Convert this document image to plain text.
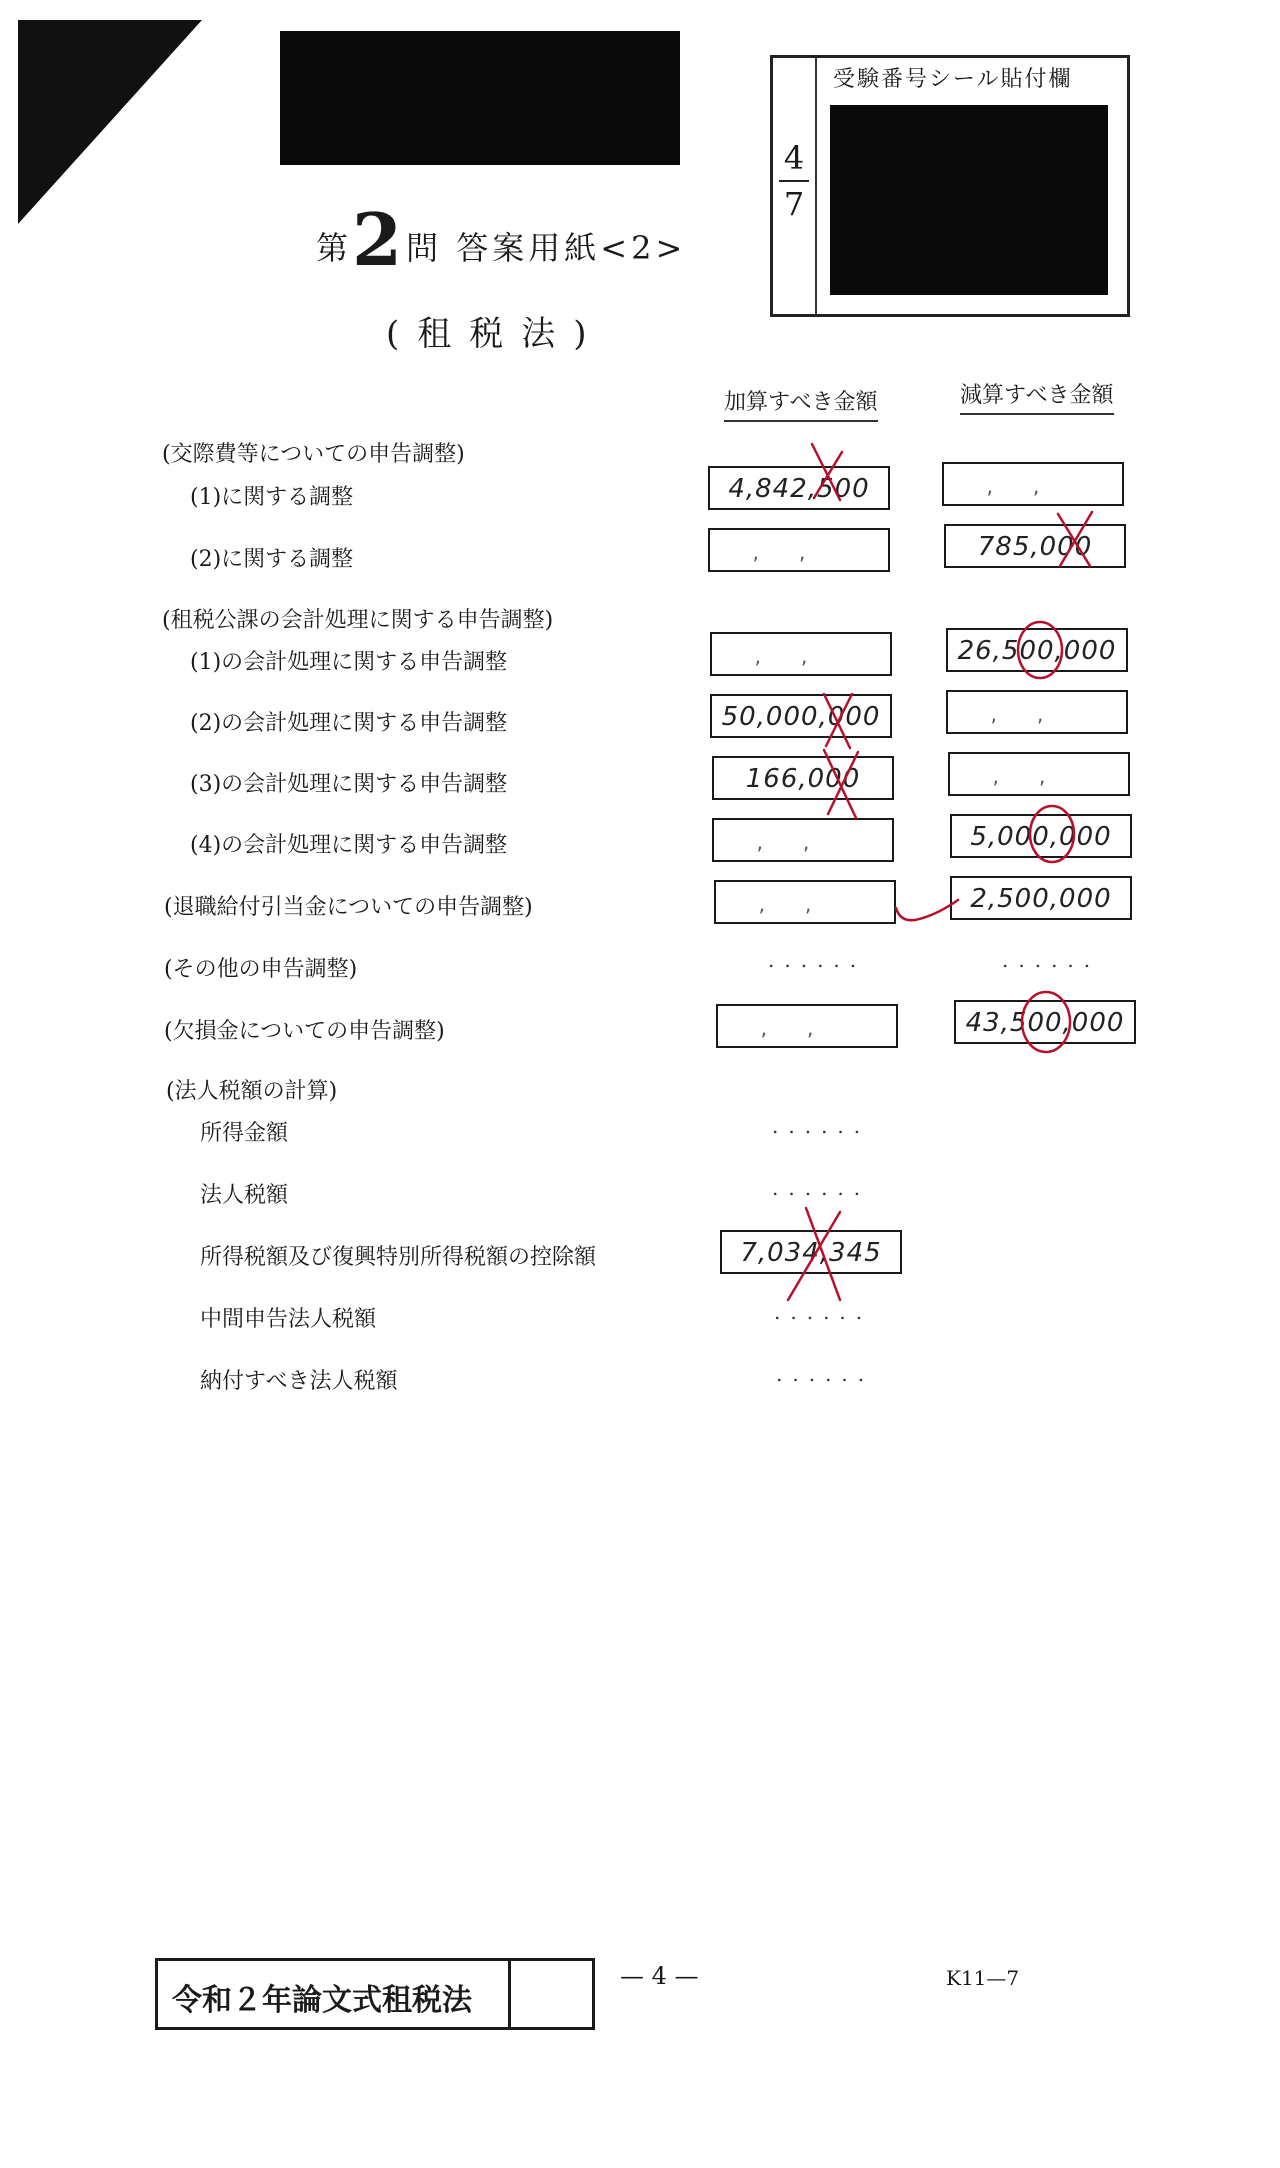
受験番号シール貼付欄
4
7
第2問 答案用紙<2>
(租税法)
加算すべき金額	減算すべき金額
(交際費等についての申告調整)
(1)に関する調整	4,842,500	,,
(2)に関する調整	,,	785,000
(租税公課の会計処理に関する申告調整)
(1)の会計処理に関する申告調整	,,	26,500,000
(2)の会計処理に関する申告調整	50,000,000	,,
(3)の会計処理に関する申告調整	166,000	,,
(4)の会計処理に関する申告調整	,,	5,000,000
(退職給付引当金についての申告調整)	,,	2,500,000
(その他の申告調整)	......	......
(欠損金についての申告調整)	,,	43,500,000
(法人税額の計算)
所得金額	......
法人税額	......
所得税額及び復興特別所得税額の控除額	7,034,345
中間申告法人税額	......
納付すべき法人税額	......
令和２年論文式租税法
— 4 —	K11—7
